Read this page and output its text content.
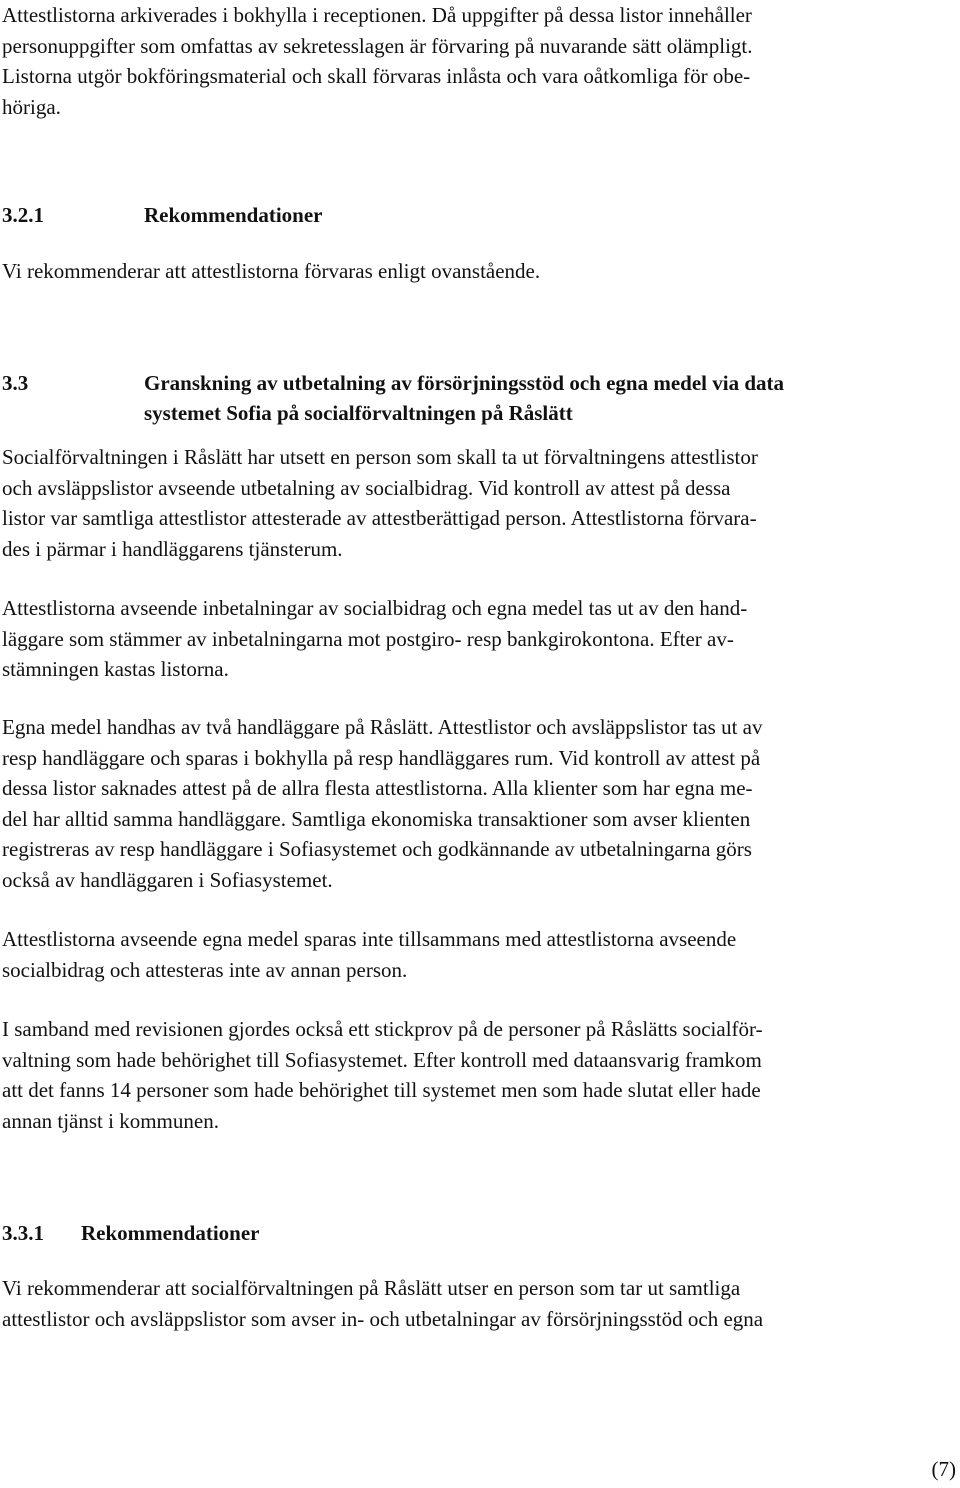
Attestlistorna arkiverades i bokhylla i receptionen. Då uppgifter på dessa listor innehåller
personuppgifter som omfattas av sekretesslagen är förvaring på nuvarande sätt olämpligt.
Listorna utgör bokföringsmaterial och skall förvaras inlåsta och vara oåtkomliga för obe-
höriga.

3.2.1	Rekommendationer

Vi rekommenderar att attestlistorna förvaras enligt ovanstående.

3.3	Granskning av utbetalning av försörjningsstöd och egna medel via data
systemet Sofia på socialförvaltningen på Råslätt

Socialförvaltningen i Råslätt har utsett en person som skall ta ut förvaltningens attestlistor
och avsläppslistor avseende utbetalning av socialbidrag. Vid kontroll av attest på dessa
listor var samtliga attestlistor attesterade av attestberättigad person. Attestlistorna förvara-
des i pärmar i handläggarens tjänsterum.

Attestlistorna avseende inbetalningar av socialbidrag och egna medel tas ut av den hand-
läggare som stämmer av inbetalningarna mot postgiro- resp bankgirokontona. Efter av-
stämningen kastas listorna.

Egna medel handhas av två handläggare på Råslätt. Attestlistor och avsläppslistor tas ut av
resp handläggare och sparas i bokhylla på resp handläggares rum. Vid kontroll av attest på
dessa listor saknades attest på de allra flesta attestlistorna. Alla klienter som har egna me-
del har alltid samma handläggare. Samtliga ekonomiska transaktioner som avser klienten
registreras av resp handläggare i Sofiasystemet och godkännande av utbetalningarna görs
också av handläggaren i Sofiasystemet.

Attestlistorna avseende egna medel sparas inte tillsammans med attestlistorna avseende
socialbidrag och attesteras inte av annan person.

I samband med revisionen gjordes också ett stickprov på de personer på Råslätts socialför-
valtning som hade behörighet till Sofiasystemet. Efter kontroll med dataansvarig framkom
att det fanns 14 personer som hade behörighet till systemet men som hade slutat eller hade
annan tjänst i kommunen.

3.3.1 Rekommendationer

Vi rekommenderar att socialförvaltningen på Råslätt utser en person som tar ut samtliga
attestlistor och avsläppslistor som avser in- och utbetalningar av försörjningsstöd och egna

(7)
